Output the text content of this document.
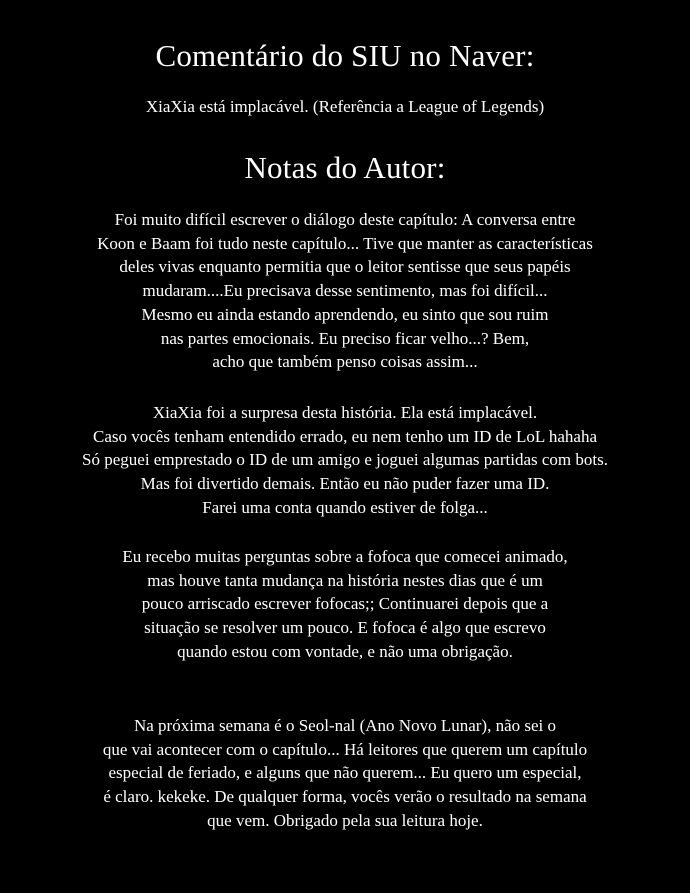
Comentário do SIU no Naver:
XiaXia está implacável. (Referência a League of Legends)
Notas do Autor:
Foi muito difícil escrever o diálogo deste capítulo: A conversa entre
Koon e Baam foi tudo neste capítulo... Tive que manter as características
deles vivas enquanto permitia que o leitor sentisse que seus papéis
mudaram....Eu precisava desse sentimento, mas foi difícil...
Mesmo eu ainda estando aprendendo, eu sinto que sou ruim
nas partes emocionais. Eu preciso ficar velho...? Bem,
acho que também penso coisas assim...
XiaXia foi a surpresa desta história. Ela está implacável.
Caso vocês tenham entendido errado, eu nem tenho um ID de LoL hahaha
Só peguei emprestado o ID de um amigo e joguei algumas partidas com bots.
Mas foi divertido demais. Então eu não puder fazer uma ID.
Farei uma conta quando estiver de folga...
Eu recebo muitas perguntas sobre a fofoca que comecei animado,
mas houve tanta mudança na história nestes dias que é um
pouco arriscado escrever fofocas;; Continuarei depois que a
situação se resolver um pouco. E fofoca é algo que escrevo
quando estou com vontade, e não uma obrigação.
Na próxima semana é o Seol-nal (Ano Novo Lunar), não sei o
que vai acontecer com o capítulo... Há leitores que querem um capítulo
especial de feriado, e alguns que não querem... Eu quero um especial,
é claro. kekeke. De qualquer forma, vocês verão o resultado na semana
que vem. Obrigado pela sua leitura hoje.
